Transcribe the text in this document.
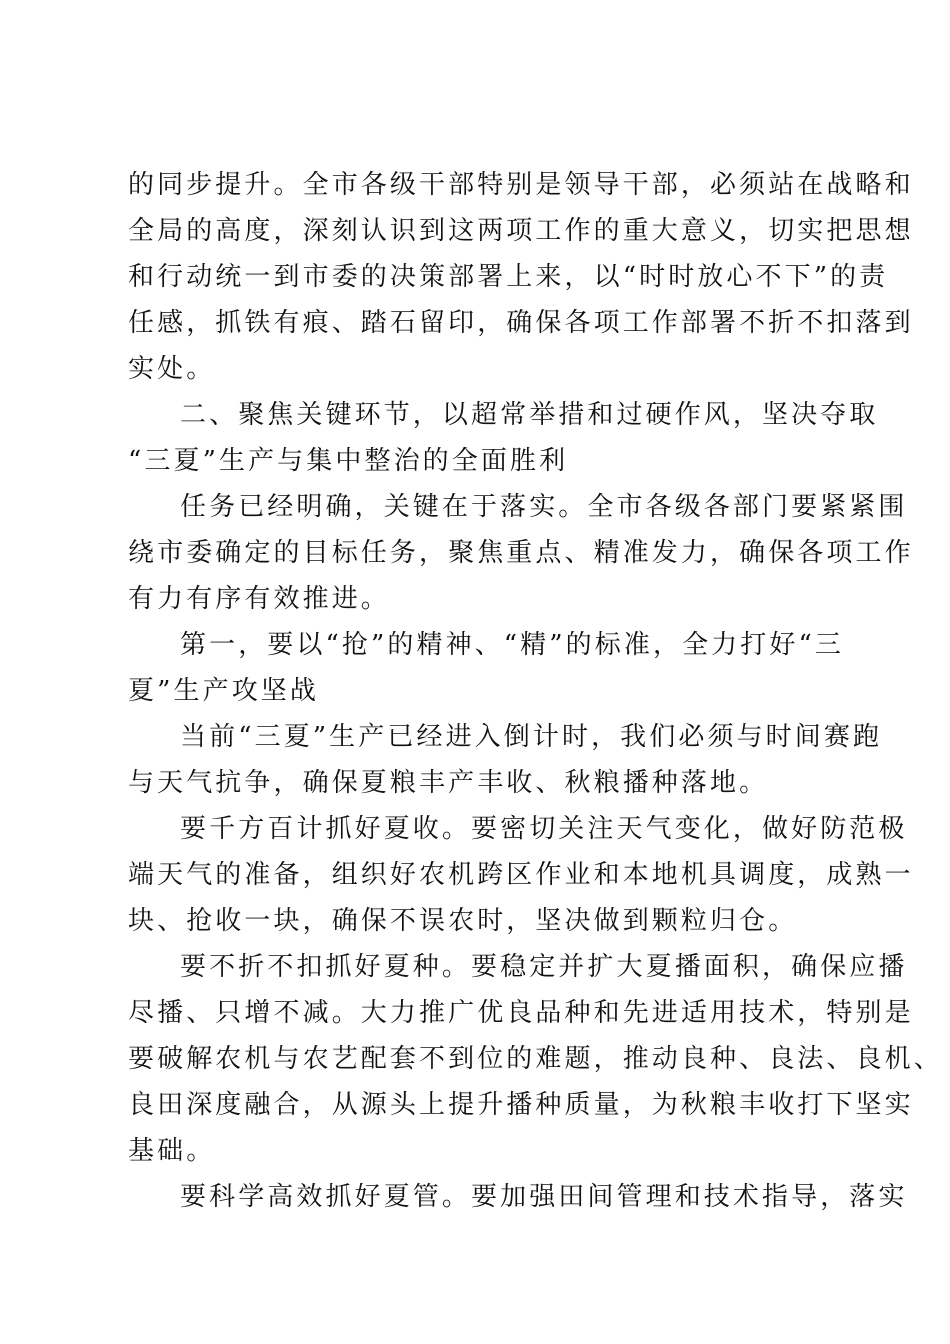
的同步提升。全市各级干部特别是领导干部，必须站在战略和
全局的高度，深刻认识到这两项工作的重大意义，切实把思想
和行动统一到市委的决策部署上来，以“时时放心不下”的责
任感，抓铁有痕、踏石留印，确保各项工作部署不折不扣落到
实处。
二、聚焦关键环节，以超常举措和过硬作风，坚决夺取
“三夏”生产与集中整治的全面胜利
任务已经明确，关键在于落实。全市各级各部门要紧紧围
绕市委确定的目标任务，聚焦重点、精准发力，确保各项工作
有力有序有效推进。
第一，要以“抢”的精神、“精”的标准，全力打好“三
夏”生产攻坚战
当前“三夏”生产已经进入倒计时，我们必须与时间赛跑
与天气抗争，确保夏粮丰产丰收、秋粮播种落地。
要千方百计抓好夏收。要密切关注天气变化，做好防范极
端天气的准备，组织好农机跨区作业和本地机具调度，成熟一
块、抢收一块，确保不误农时，坚决做到颗粒归仓。
要不折不扣抓好夏种。要稳定并扩大夏播面积，确保应播
尽播、只增不减。大力推广优良品种和先进适用技术，特别是
要破解农机与农艺配套不到位的难题，推动良种、良法、良机、
良田深度融合，从源头上提升播种质量，为秋粮丰收打下坚实
基础。
要科学高效抓好夏管。要加强田间管理和技术指导，落实
